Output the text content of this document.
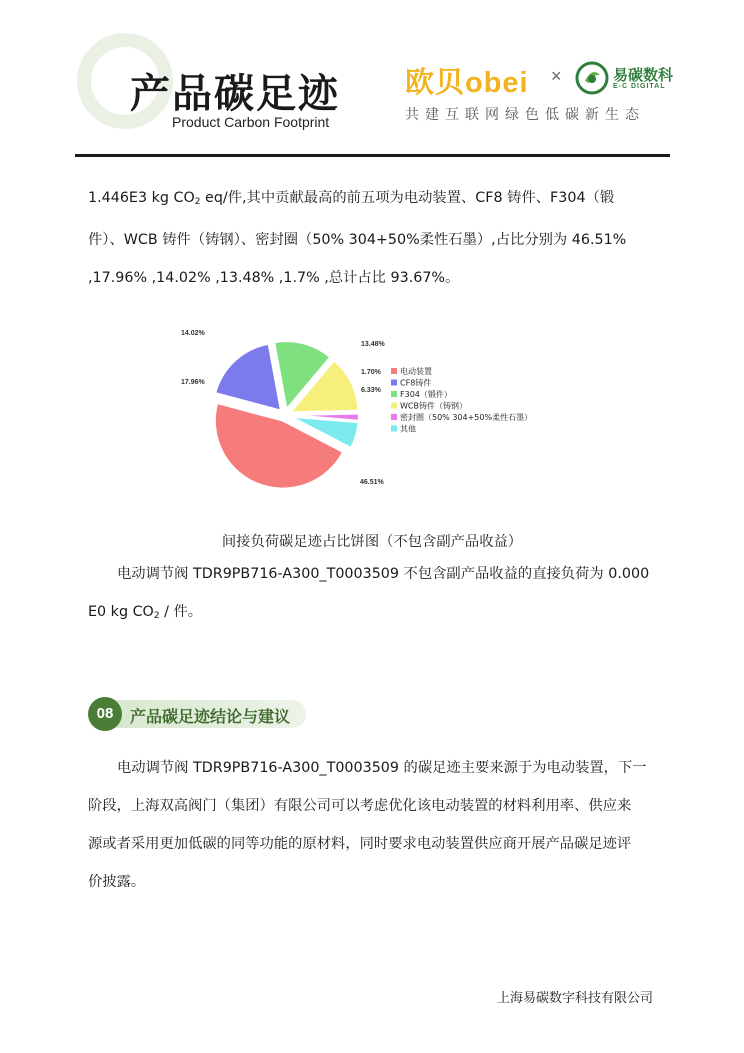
产品碳足迹
Product Carbon Footprint
欧贝obei ×	易碳数科
E-C DIGITAL
共建互联网绿色低碳新生态
1.446E3 kg $CO_2$ eq/件,其中贡献最高的前五项为电动装置、CF8 铸件、F304（锻
件）、WCB 铸件（铸钢）、密封圈（50% 304+50%柔性石墨）,占比分别为 46.51%
,17.96% ,14.02% ,13.48% ,1.7% ,总计占比 93.67%。
46.51%
17.96%
14.02%
13.48%
1.70%
6.33%
电动装置
CF8铸件
F304（锻件）
WCB铸件（铸钢）
密封圈（50% 304+50%柔性石墨）
其他
间接负荷碳足迹占比饼图（不包含副产品收益）
电动调节阀 TDR9PB716-A300_T0003509 不包含副产品收益的直接负荷为 0.000
E0 kg $CO_2$ / 件。
08	产品碳足迹结论与建议
电动调节阀 TDR9PB716-A300_T0003509 的碳足迹主要来源于为电动装置，下一
阶段，上海双高阀门（集团）有限公司可以考虑优化该电动装置的材料利用率、供应来
源或者采用更加低碳的同等功能的原材料，同时要求电动装置供应商开展产品碳足迹评
价披露。
上海易碳数字科技有限公司
